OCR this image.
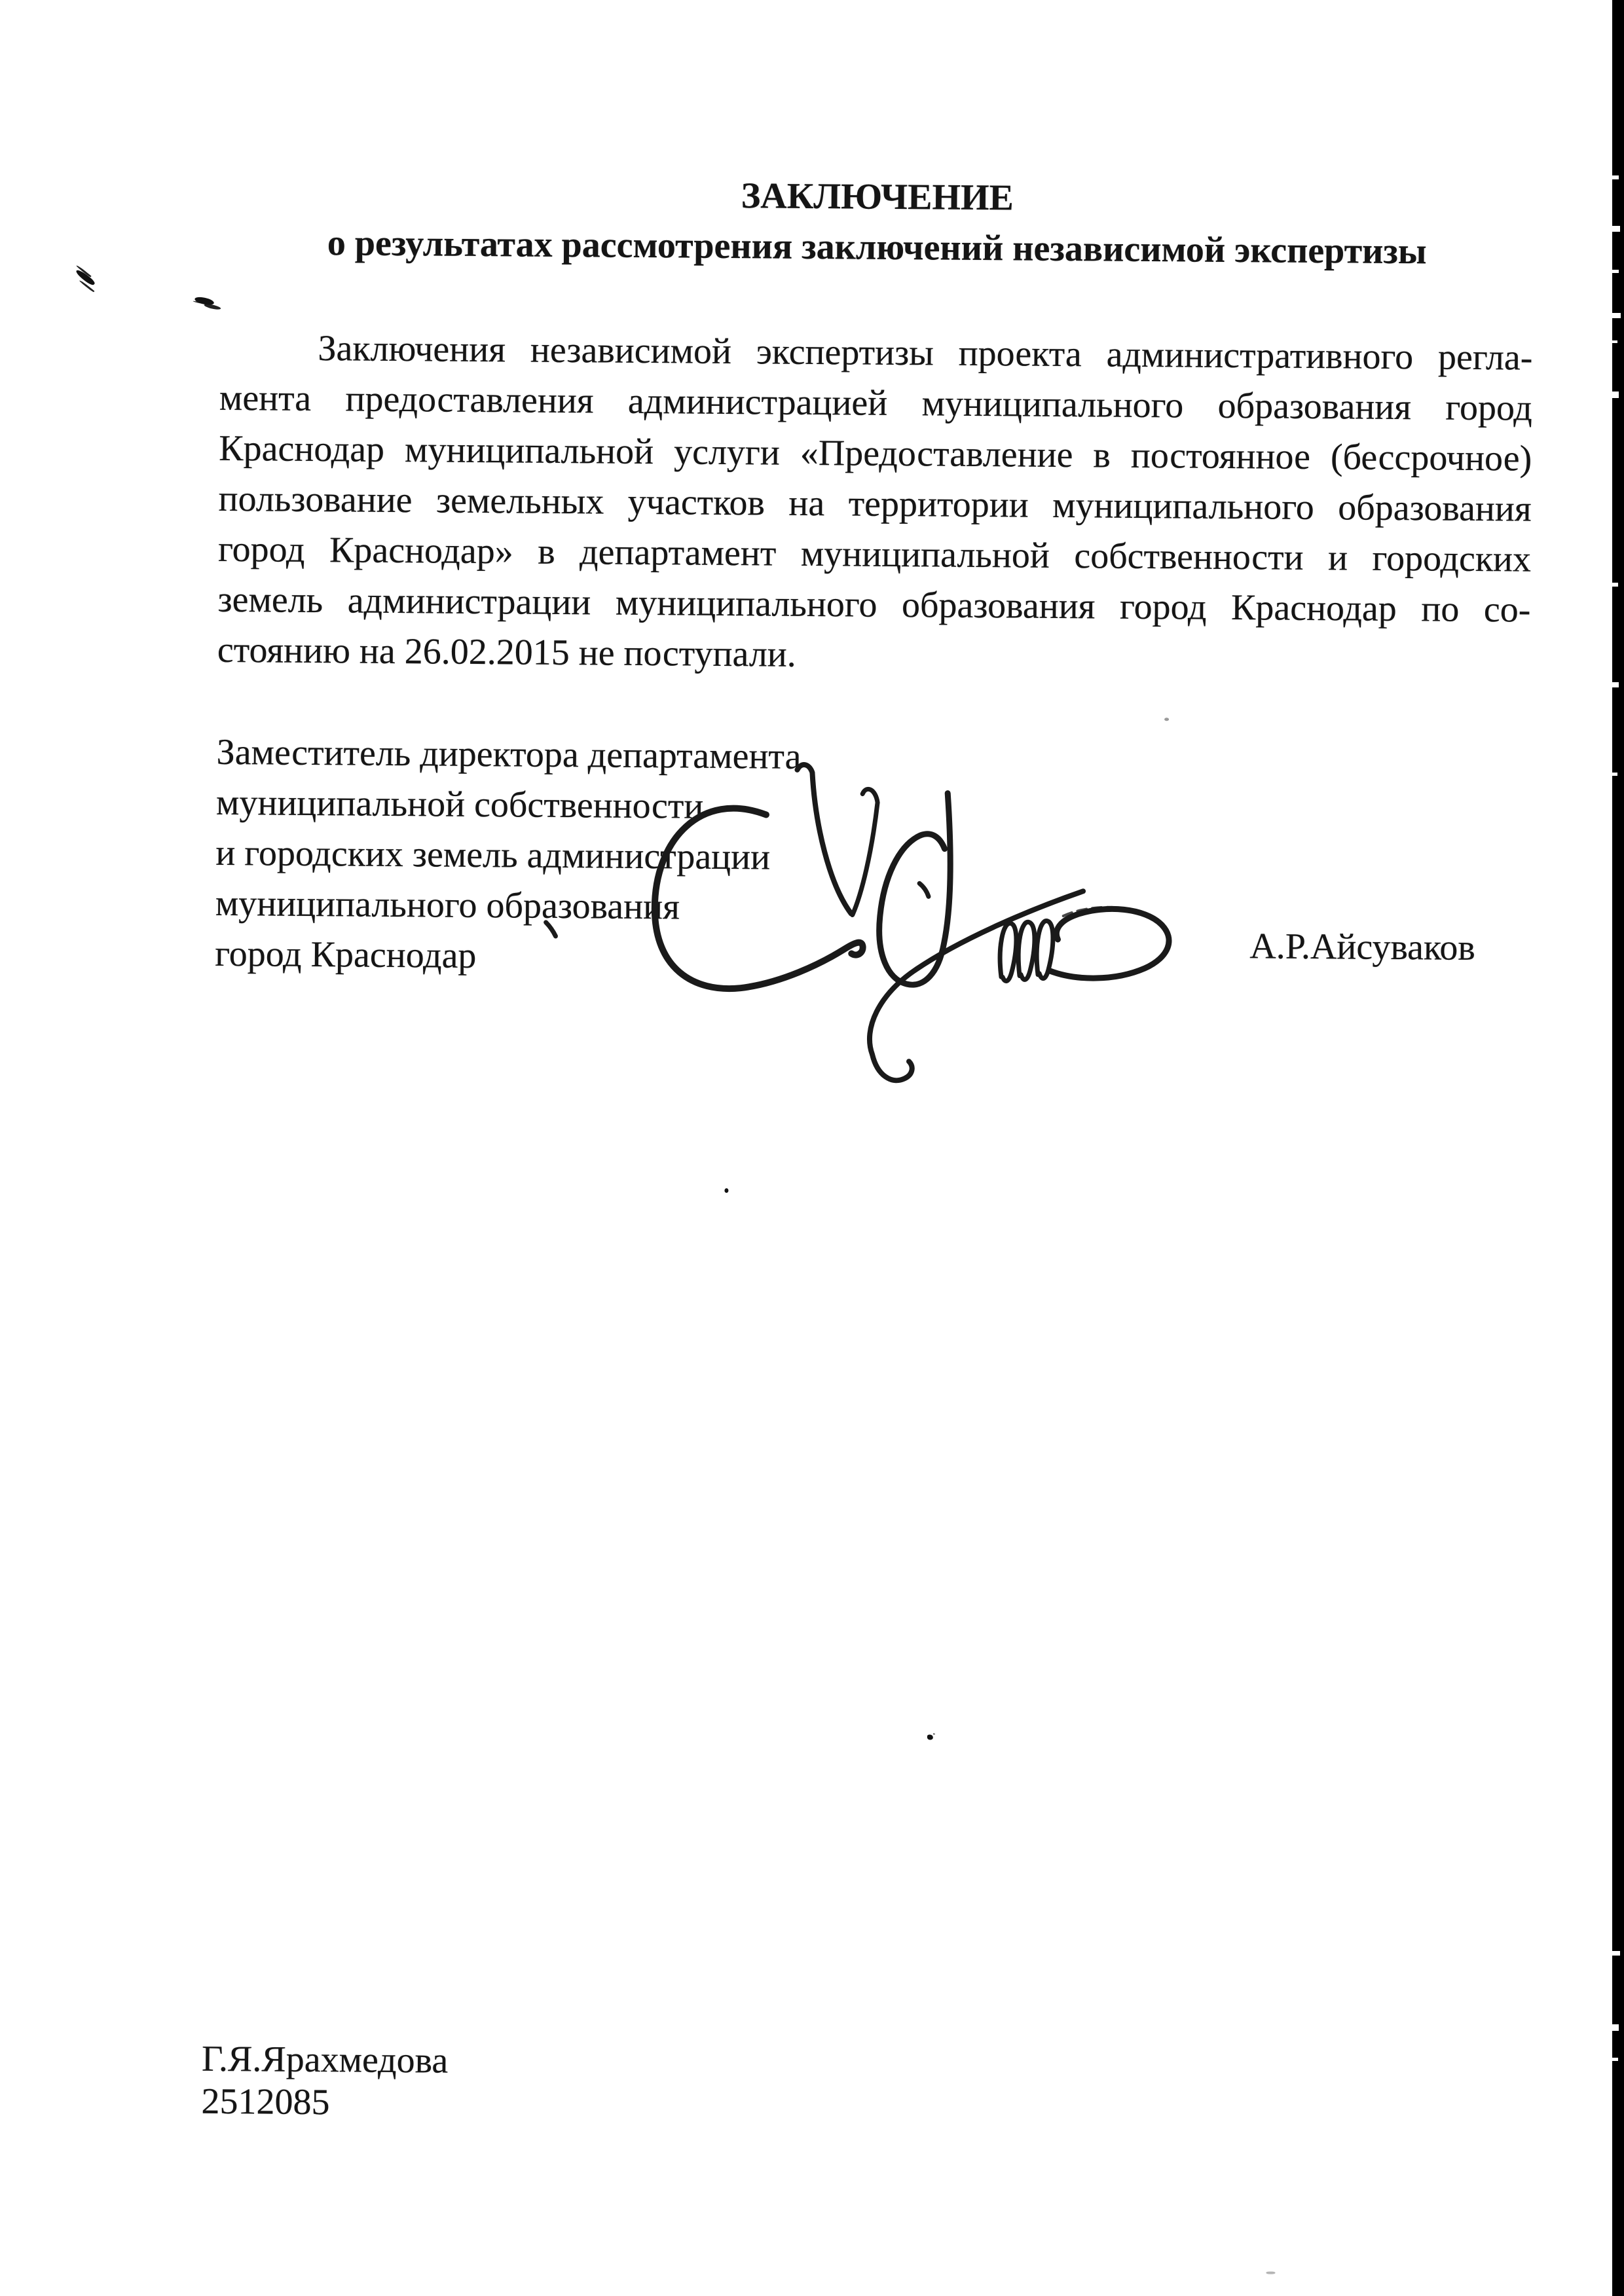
ЗАКЛЮЧЕНИЕ
о результатах рассмотрения заключений независимой экспертизы
Заключения независимой экспертизы проекта административного регла-
мента предоставления администрацией муниципального образования город
Краснодар муниципальной услуги «Предоставление в постоянное (бессрочное)
пользование земельных участков на территории муниципального образования
город Краснодар» в департамент муниципальной собственности и городских
земель администрации муниципального образования город Краснодар по со-
стоянию на 26.02.2015 не поступали.
Заместитель директора департамента
муниципальной собственности
и городских земель администрации
муниципального образования
город Краснодар	А.Р.Айсуваков
Г.Я.Ярахмедова
2512085
